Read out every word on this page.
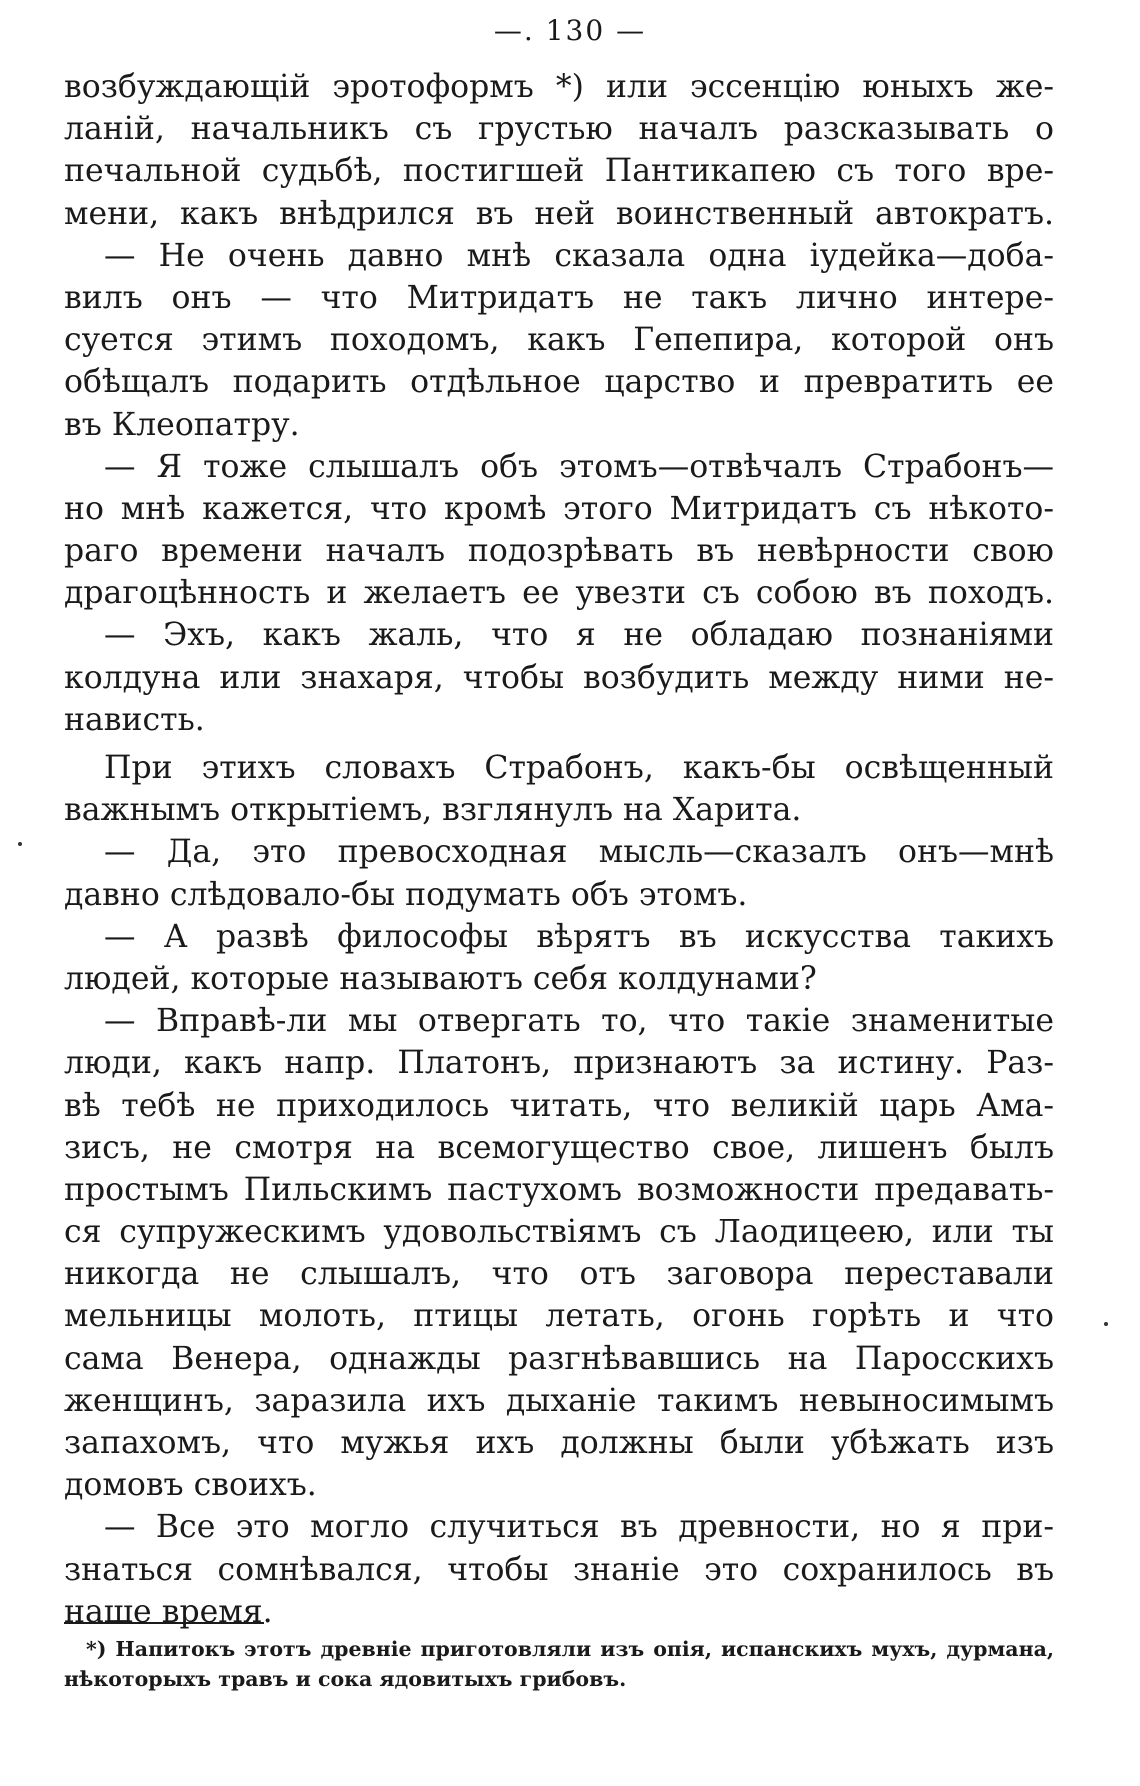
—. 130 —
возбуждающій эротоформъ *) или эссенцію юныхъ же-
ланій, начальникъ съ грустью началъ разсказывать о
печальной судьбѣ, постигшей Пантикапею съ того вре-
мени, какъ внѣдрился въ ней воинственный автократъ.
— Не очень давно мнѣ сказала одна іудейка—доба-
вилъ онъ — что Митридатъ не такъ лично интере-
суется этимъ походомъ, какъ Гепепира, которой онъ
обѣщалъ подарить отдѣльное царство и превратить ее
въ Клеопатру.
— Я тоже слышалъ объ этомъ—отвѣчалъ Страбонъ—
но мнѣ кажется, что кромѣ этого Митридатъ съ нѣкото-
раго времени началъ подозрѣвать въ невѣрности свою
драгоцѣнность и желаетъ ее увезти съ собою въ походъ.
— Эхъ, какъ жаль, что я не обладаю познаніями
колдуна или знахаря, чтобы возбудить между ними не-
нависть.
При этихъ словахъ Страбонъ, какъ-бы освѣщенный
важнымъ открытіемъ, взглянулъ на Харита.
— Да, это превосходная мысль—сказалъ онъ—мнѣ
давно слѣдовало-бы подумать объ этомъ.
— А развѣ философы вѣрятъ въ искусства такихъ
людей, которые называютъ себя колдунами?
— Вправѣ-ли мы отвергать то, что такіе знаменитые
люди, какъ напр. Платонъ, признаютъ за истину. Раз-
вѣ тебѣ не приходилось читать, что великій царь Ама-
зисъ, не смотря на всемогущество свое, лишенъ былъ
простымъ Пильскимъ пастухомъ возможности предавать-
ся супружескимъ удовольствіямъ съ Лаодицеею, или ты
никогда не слышалъ, что отъ заговора переставали
мельницы молоть, птицы летать, огонь горѣть и что
сама Венера, однажды разгнѣвавшись на Паросскихъ
женщинъ, заразила ихъ дыханіе такимъ невыносимымъ
запахомъ, что мужья ихъ должны были убѣжать изъ
домовъ своихъ.
— Все это могло случиться въ древности, но я при-
знаться сомнѣвался, чтобы знаніе это сохранилось въ
наше время.
*) Напитокъ этотъ древніе приготовляли изъ опія, испанскихъ мухъ, дурмана,
нѣкоторыхъ травъ и сока ядовитыхъ грибовъ.
